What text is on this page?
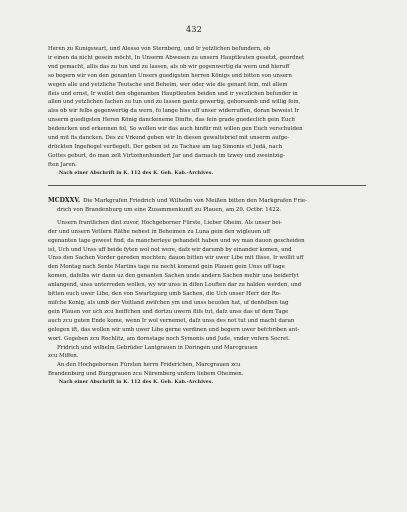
432
Heren zu Kunigswart, und Alesso von Sternberg, und Ir yetzlichen befundern, ob
ir einen da nicht gesein möcht, In Unserm Abwesen zu unsern Hauptleuten gesetzt, geordnet
vnd gemacht, allis das zu tun und zu lassen, als ob wir gegenwertig da wern und hieruff
so begern wir von den genanten Unsers guedigsten herren Königs und bitten von unsern
wegen alle und yetzliche Teutsche und Beheim, wer oder wie die genant fein, mit allem
fleis und ernst, Ir wollet den obgenanten Hauptleuten beiden und ir yeczlichen befunder in
allen und yetzlichen fachen zu tun und zu lassen gantz gewertig, gehorsamb und willig fein,
alss ob wir felbs gegenwertig da wern, fo lange biss uff unser widerruffen, doran beweist Ir
unserm guedigsten Heren König danckeneme Dinfte, das fein grade guedeclich gein Euch
bedencken und erkennen fol, So wollen wir das auch hinfür mit willen gen Euch verschulden
und mit fis dancken. Des zu Vrkund geben wir In diesen gewaltsbrief mit unserm aufge-
drückten Ingefiegel verfiegelt. Der geben ist zu Tachaw am tag Simonis et Judä, nach
Gottes geburt, do man zelt Virtzehenhundert Jar und darnach im tzwey und zweintzig-
ften Jaren.
Nach einer Abschrift in K. 112 des K. Geh. Kab.-Archives.
MCDXXV. Die Markgrafen Friedrich und Wilhelm von Meißen bitten den Markgrafen Frie-
drich von Brandenburg um eine Zusammenkunft zu Plauen, am 29. Octbr. 1422.
Unsern fruntlichen dint zuvor, Hochgeborner Fürste, Lieber Oheim. Als unser bei-
der und unsern Vettern Räthe nehest in Beheimen zu Luna gein den wigleuen uff
egenanten tage gewest find, da mancherleye gehandelt haben und wy man dauon gescheiden
ist, Uch und Unss uff beide fyten wol not were, dafz wir darumb by einander komen, und
Unss den Sachen Vorder gereden mochten; dauon bitten wir uwer Libe mit flisse, Ir wollit uff
den Montag nach Sente Martins tage nu necht komend gein Plauen gein Unss uff tage
komen, dafelbs wir dann uz den genanten Sachen unde andern Sachen mehir una beiderfyt
anlangend, unss unterreden wollen, wy wir unss in difen Louften dar zu halden werden, und
bitten euch uwer Libe, den von Swartzpurg umb Sachen, die Uch unser Herr der Ro-
mifche Konig, als umb der Voitland zwifchen ym und unss beuolen hat, uf denfelben tag
gein Plauen vor uch zcu heiffchen und dortzu uwern flifs tut, dafz unss das uf dem Tage
auch zcu guten Ende kome, wenn Ir wol vernemet, dafz unss des not tut und macht daran
gelegen ift, das wollen wir umb uwer Libe gerne verdinen und begern uwer befchriben ant-
wort. Gegeben zcu Rochlitz, am dornstage noch Symonis und Jude, vnder vnfern Secret.
Fridrich und wilhelm Gebrüder Lantgrauen in Doringen und Marcgrauen
zcu Miffen.
An den Hochgebornen Fürsten herrn Friderichen, Marcgrauen zcu
Brandenburg und Burggrauen zcu Nüremberg unfern liebem Oheimen.
Nach einer Abschrift in K. 112 des K. Geh. Kab.-Archives.
